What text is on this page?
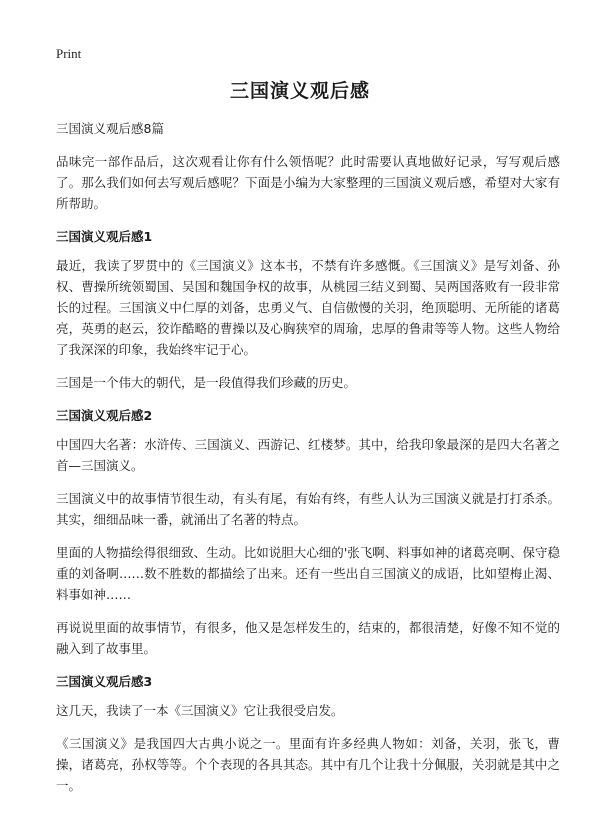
Print
三国演义观后感

三国演义观后感8篇

品味完一部作品后，这次观看让你有什么领悟呢？此时需要认真地做好记录，写写观后感了。那么我们如何去写观后感呢？下面是小编为大家整理的三国演义观后感，希望对大家有所帮助。

三国演义观后感1

最近，我读了罗贯中的《三国演义》这本书，不禁有许多感慨。《三国演义》是写刘备、孙权、曹操所统领蜀国、吴国和魏国争权的故事，从桃园三结义到蜀、吴两国落败有一段非常长的过程。三国演义中仁厚的刘备，忠勇义气、自信傲慢的关羽，绝顶聪明、无所能的诸葛亮，英勇的赵云，狡诈酷略的曹操以及心胸狭窄的周瑜，忠厚的鲁肃等等人物。这些人物给了我深深的印象，我始终牢记于心。

三国是一个伟大的朝代，是一段值得我们珍藏的历史。

三国演义观后感2

中国四大名著：水浒传、三国演义、西游记、红楼梦。其中，给我印象最深的是四大名著之首—三国演义。

三国演义中的故事情节很生动，有头有尾，有始有终，有些人认为三国演义就是打打杀杀。其实，细细品味一番，就涌出了名著的特点。

里面的人物描绘得很细致、生动。比如说胆大心细的'张飞啊、料事如神的诸葛亮啊、保守稳重的刘备啊……数不胜数的都描绘了出来。还有一些出自三国演义的成语，比如望梅止渴、料事如神……

再说说里面的故事情节，有很多，他又是怎样发生的，结束的，都很清楚，好像不知不觉的融入到了故事里。

三国演义观后感3

这几天，我读了一本《三国演义》它让我很受启发。

《三国演义》是我国四大古典小说之一。里面有许多经典人物如：刘备，关羽，张飞，曹操，诸葛亮，孙权等等。个个表现的各具其态。其中有几个让我十分佩服，关羽就是其中之一。
